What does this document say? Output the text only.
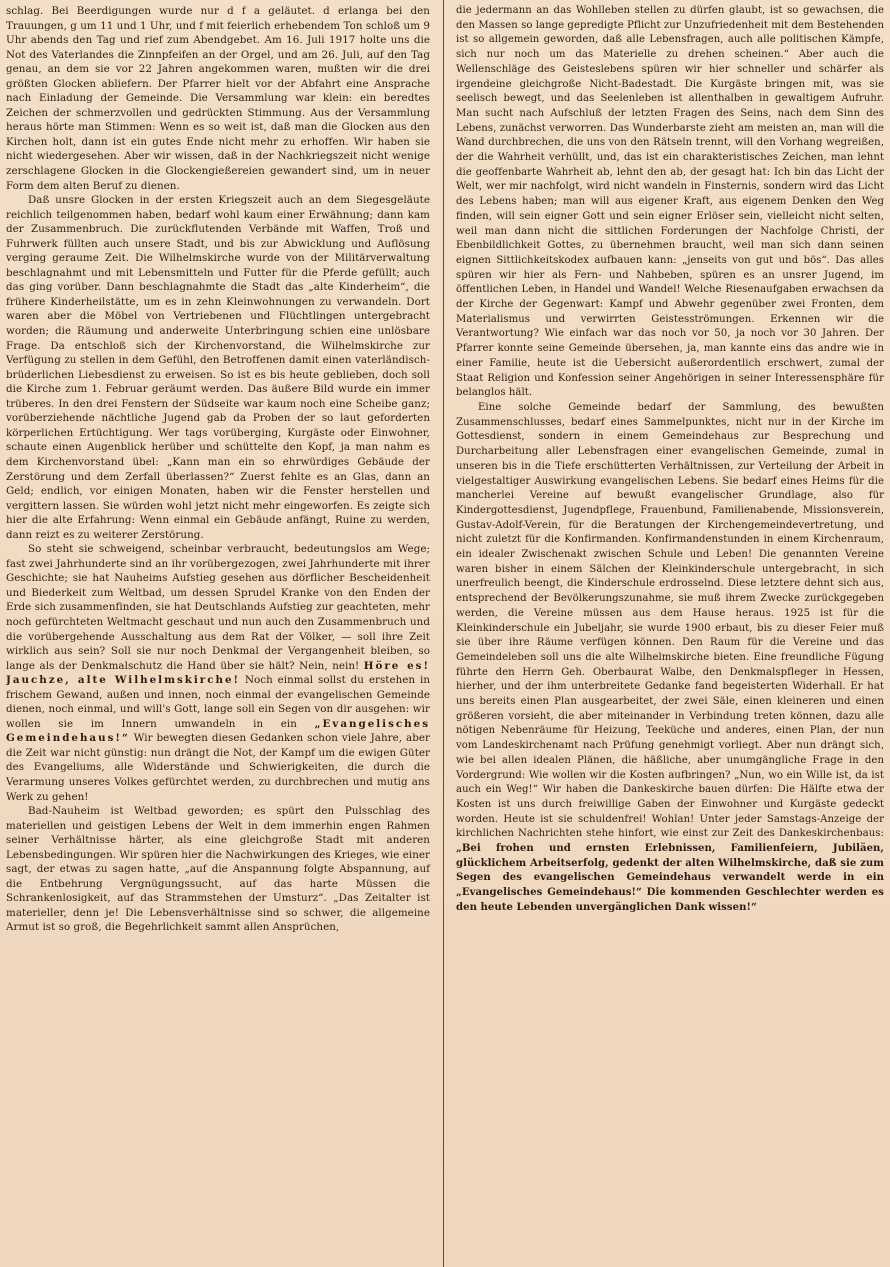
schlag. Bei Beerdigungen wurde nur d f a geläutet. d erlanga bei den Trauungen, g um 11 und 1 Uhr, und f mit feierlich erhebendem Ton schloß um 9 Uhr abends den Tag und rief zum Abendgebet. Am 16. Juli 1917 holte uns die Not des Vaterlandes die Zinnpfeifen an der Orgel, und am 26. Juli, auf den Tag genau, an dem sie vor 22 Jahren angekommen waren, mußten wir die drei größten Glocken abliefern. Der Pfarrer hielt vor der Abfahrt eine Ansprache nach Einladung der Gemeinde. Die Versammlung war klein: ein beredtes Zeichen der schmerzvollen und gedrückten Stimmung. Aus der Versammlung heraus hörte man Stimmen: Wenn es so weit ist, daß man die Glocken aus den Kirchen holt, dann ist ein gutes Ende nicht mehr zu erhoffen. Wir haben sie nicht wiedergesehen. Aber wir wissen, daß in der Nachkriegszeit nicht wenige zerschlagene Glocken in die Glockengießereien gewandert sind, um in neuer Form dem alten Beruf zu dienen.

Daß unsre Glocken in der ersten Kriegszeit auch an dem Siegesgeläute reichlich teilgenommen haben, bedarf wohl kaum einer Erwähnung; dann kam der Zusammenbruch. Die zurückflutenden Verbände mit Waffen, Troß und Fuhrwerk füllten auch unsere Stadt, und bis zur Abwicklung und Auflösung verging geraume Zeit. Die Wilhelmskirche wurde von der Militärverwaltung beschlagnahmt und mit Lebensmitteln und Futter für die Pferde gefüllt; auch das ging vorüber. Dann beschlagnahmte die Stadt das „alte Kinderheim“, die frühere Kinderheilstätte, um es in zehn Kleinwohnungen zu verwandeln. Dort waren aber die Möbel von Vertriebenen und Flüchtlingen untergebracht worden; die Räumung und anderweite Unterbringung schien eine unlösbare Frage. Da entschloß sich der Kirchenvorstand, die Wilhelmskirche zur Verfügung zu stellen in dem Gefühl, den Betroffenen damit einen vaterländisch-brüderlichen Liebesdienst zu erweisen. So ist es bis heute geblieben, doch soll die Kirche zum 1. Februar geräumt werden. Das äußere Bild wurde ein immer trüberes. In den drei Fenstern der Südseite war kaum noch eine Scheibe ganz; vorüberziehende nächtliche Jugend gab da Proben der so laut geforderten körperlichen Ertüchtigung. Wer tags vorüberging, Kurgäste oder Einwohner, schaute einen Augenblick herüber und schüttelte den Kopf, ja man nahm es dem Kirchenvorstand übel: „Kann man ein so ehrwürdiges Gebäude der Zerstörung und dem Zerfall überlassen?“ Zuerst fehlte es an Glas, dann an Geld; endlich, vor einigen Monaten, haben wir die Fenster herstellen und vergittern lassen. Sie würden wohl jetzt nicht mehr eingeworfen. Es zeigte sich hier die alte Erfahrung: Wenn einmal ein Gebäude anfängt, Ruine zu werden, dann reizt es zu weiterer Zerstörung.

So steht sie schweigend, scheinbar verbraucht, bedeutungslos am Wege; fast zwei Jahrhunderte sind an ihr vorübergezogen, zwei Jahrhunderte mit ihrer Geschichte; sie hat Nauheims Aufstieg gesehen aus dörflicher Bescheidenheit und Biederkeit zum Weltbad, um dessen Sprudel Kranke von den Enden der Erde sich zusammenfinden, sie hat Deutschlands Aufstieg zur geachteten, mehr noch gefürchteten Weltmacht geschaut und nun auch den Zusammenbruch und die vorübergehende Ausschaltung aus dem Rat der Völker, — soll ihre Zeit wirklich aus sein? Soll sie nur noch Denkmal der Vergangenheit bleiben, so lange als der Denkmalschutz die Hand über sie hält? Nein, nein! Höre es! Jauchze, alte Wilhelmskirche! Noch einmal sollst du erstehen in frischem Gewand, außen und innen, noch einmal der evangelischen Gemeinde dienen, noch einmal, und will's Gott, lange soll ein Segen von dir ausgehen: wir wollen sie im Innern umwandeln in ein „Evangelisches Gemeindehaus!“ Wir bewegten diesen Gedanken schon viele Jahre, aber die Zeit war nicht günstig: nun drängt die Not, der Kampf um die ewigen Güter des Evangeliums, alle Widerstände und Schwierigkeiten, die durch die Verarmung unseres Volkes gefürchtet werden, zu durchbrechen und mutig ans Werk zu gehen!

Bad-Nauheim ist Weltbad geworden; es spürt den Pulsschlag des materiellen und geistigen Lebens der Welt in dem immerhin engen Rahmen seiner Verhältnisse härter, als eine gleichgroße Stadt mit anderen Lebensbedingungen. Wir spüren hier die Nachwirkungen des Krieges, wie einer sagt, der etwas zu sagen hatte, „auf die Anspannung folgte Abspannung, auf die Entbehrung Vergnügungssucht, auf das harte Müssen die Schrankenlosigkeit, auf das Strammstehen der Umsturz“. „Das Zeitalter ist materieller, denn je! Die Lebensverhältnisse sind so schwer, die allgemeine Armut ist so groß, die Begehrlichkeit sammt allen Ansprüchen,

die jedermann an das Wohlleben stellen zu dürfen glaubt, ist so gewachsen, die den Massen so lange gepredigte Pflicht zur Unzufriedenheit mit dem Bestehenden ist so allgemein geworden, daß alle Lebensfragen, auch alle politischen Kämpfe, sich nur noch um das Materielle zu drehen scheinen.“ Aber auch die Wellenschläge des Geisteslebens spüren wir hier schneller und schärfer als irgendeine gleichgroße Nicht-Badestadt. Die Kurgäste bringen mit, was sie seelisch bewegt, und das Seelenleben ist allenthalben in gewaltigem Aufruhr. Man sucht nach Aufschluß der letzten Fragen des Seins, nach dem Sinn des Lebens, zunächst verworren. Das Wunderbarste zieht am meisten an, man will die Wand durchbrechen, die uns von den Rätseln trennt, will den Vorhang wegreißen, der die Wahrheit verhüllt, und, das ist ein charakteristisches Zeichen, man lehnt die geoffenbarte Wahrheit ab, lehnt den ab, der gesagt hat: Ich bin das Licht der Welt, wer mir nachfolgt, wird nicht wandeln in Finsternis, sondern wird das Licht des Lebens haben; man will aus eigener Kraft, aus eigenem Denken den Weg finden, will sein eigner Gott und sein eigner Erlöser sein, vielleicht nicht selten, weil man dann nicht die sittlichen Forderungen der Nachfolge Christi, der Ebenbildlichkeit Gottes, zu übernehmen braucht, weil man sich dann seinen eignen Sittlichkeitskodex aufbauen kann: „jenseits von gut und bös“. Das alles spüren wir hier als Fern- und Nahbeben, spüren es an unsrer Jugend, im öffentlichen Leben, in Handel und Wandel! Welche Riesenaufgaben erwachsen da der Kirche der Gegenwart: Kampf und Abwehr gegenüber zwei Fronten, dem Materialismus und verwirrten Geistesströmungen. Erkennen wir die Verantwortung? Wie einfach war das noch vor 50, ja noch vor 30 Jahren. Der Pfarrer konnte seine Gemeinde übersehen, ja, man kannte eins das andre wie in einer Familie, heute ist die Uebersicht außerordentlich erschwert, zumal der Staat Religion und Konfession seiner Angehörigen in seiner Interessensphäre für belanglos hält.

Eine solche Gemeinde bedarf der Sammlung, des bewußten Zusammenschlusses, bedarf eines Sammelpunktes, nicht nur in der Kirche im Gottesdienst, sondern in einem Gemeindehaus zur Besprechung und Durcharbeitung aller Lebensfragen einer evangelischen Gemeinde, zumal in unseren bis in die Tiefe erschütterten Verhältnissen, zur Verteilung der Arbeit in vielgestaltiger Auswirkung evangelischen Lebens. Sie bedarf eines Heims für die mancherlei Vereine auf bewußt evangelischer Grundlage, also für Kindergottesdienst, Jugendpflege, Frauenbund, Familienabende, Missionsverein, Gustav-Adolf-Verein, für die Beratungen der Kirchengemeindevertretung, und nicht zuletzt für die Konfirmanden. Konfirmandenstunden in einem Kirchenraum, ein idealer Zwischenakt zwischen Schule und Leben! Die genannten Vereine waren bisher in einem Sälchen der Kleinkinderschule untergebracht, in sich unerfreulich beengt, die Kinderschule erdrosselnd. Diese letztere dehnt sich aus, entsprechend der Bevölkerungszunahme, sie muß ihrem Zwecke zurückgegeben werden, die Vereine müssen aus dem Hause heraus. 1925 ist für die Kleinkinderschule ein Jubeljahr, sie wurde 1900 erbaut, bis zu dieser Feier muß sie über ihre Räume verfügen können. Den Raum für die Vereine und das Gemeindeleben soll uns die alte Wilhelmskirche bieten. Eine freundliche Fügung führte den Herrn Geh. Oberbaurat Walbe, den Denkmalspfleger in Hessen, hierher, und der ihm unterbreitete Gedanke fand begeisterten Widerhall. Er hat uns bereits einen Plan ausgearbeitet, der zwei Säle, einen kleineren und einen größeren vorsieht, die aber miteinander in Verbindung treten können, dazu alle nötigen Nebenräume für Heizung, Teeküche und anderes, einen Plan, der nun vom Landeskirchenamt nach Prüfung genehmigt vorliegt. Aber nun drängt sich, wie bei allen idealen Plänen, die häßliche, aber unumgängliche Frage in den Vordergrund: Wie wollen wir die Kosten aufbringen? „Nun, wo ein Wille ist, da ist auch ein Weg!“ Wir haben die Dankeskirche bauen dürfen: Die Hälfte etwa der Kosten ist uns durch freiwillige Gaben der Einwohner und Kurgäste gedeckt worden. Heute ist sie schuldenfrei! Wohlan! Unter jeder Samstags-Anzeige der kirchlichen Nachrichten stehe hinfort, wie einst zur Zeit des Dankeskirchenbaus: „Bei frohen und ernsten Erlebnissen, Familienfeiern, Jubiläen, glücklichem Arbeitserfolg, gedenkt der alten Wilhelmskirche, daß sie zum Segen des evangelischen Gemeindehaus verwandelt werde in ein „Evangelisches Gemeindehaus!“ Die kommenden Geschlechter werden es den heute Lebenden unvergänglichen Dank wissen!“
